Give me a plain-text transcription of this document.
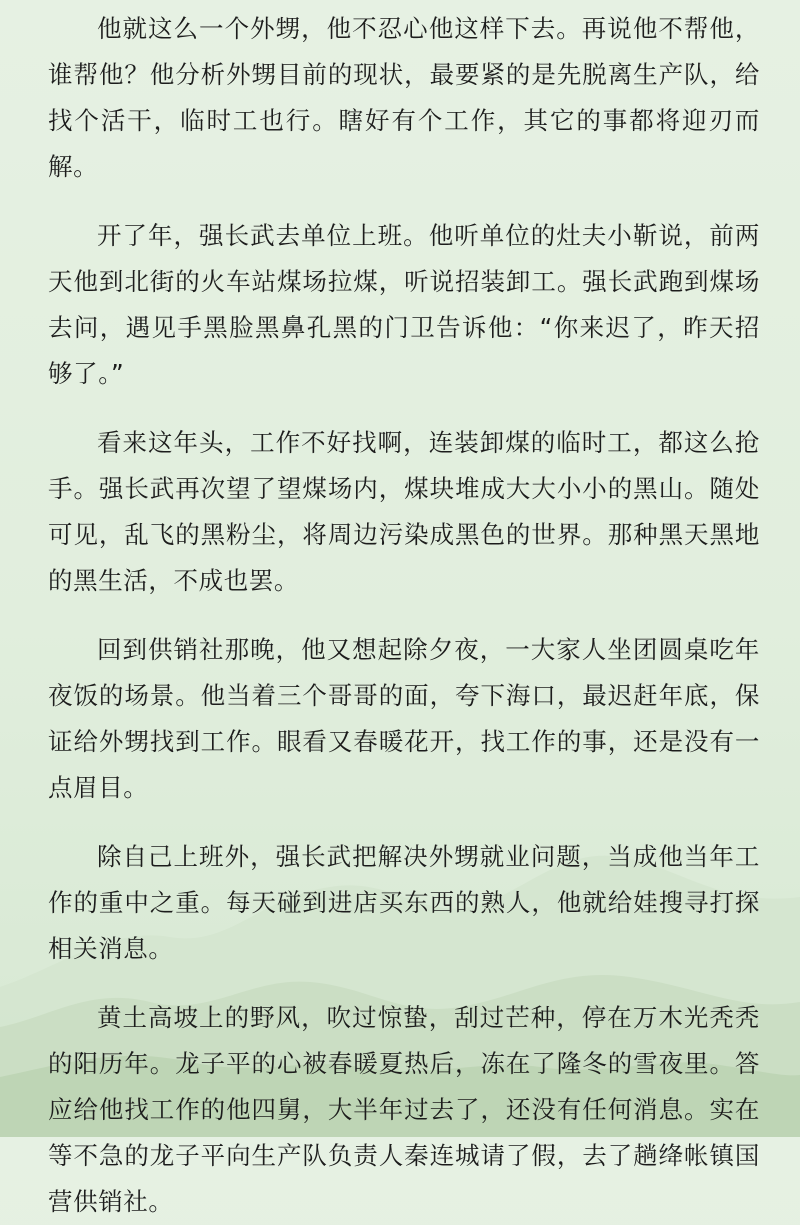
他就这么一个外甥，他不忍心他这样下去。再说他不帮他，谁帮他？他分析外甥目前的现状，最要紧的是先脱离生产队，给找个活干，临时工也行。瞎好有个工作，其它的事都将迎刃而解。

开了年，强长武去单位上班。他听单位的灶夫小靳说，前两天他到北街的火车站煤场拉煤，听说招装卸工。强长武跑到煤场去问，遇见手黑脸黑鼻孔黑的门卫告诉他：“你来迟了，昨天招够了。”

看来这年头，工作不好找啊，连装卸煤的临时工，都这么抢手。强长武再次望了望煤场内，煤块堆成大大小小的黑山。随处可见，乱飞的黑粉尘，将周边污染成黑色的世界。那种黑天黑地的黑生活，不成也罢。

回到供销社那晚，他又想起除夕夜，一大家人坐团圆桌吃年夜饭的场景。他当着三个哥哥的面，夸下海口，最迟赶年底，保证给外甥找到工作。眼看又春暖花开，找工作的事，还是没有一点眉目。

除自己上班外，强长武把解决外甥就业问题，当成他当年工作的重中之重。每天碰到进店买东西的熟人，他就给娃搜寻打探相关消息。

黄土高坡上的野风，吹过惊蛰，刮过芒种，停在万木光秃秃的阳历年。龙子平的心被春暖夏热后，冻在了隆冬的雪夜里。答应给他找工作的他四舅，大半年过去了，还没有任何消息。实在等不急的龙子平向生产队负责人秦连城请了假，去了趟绛帐镇国营供销社。
